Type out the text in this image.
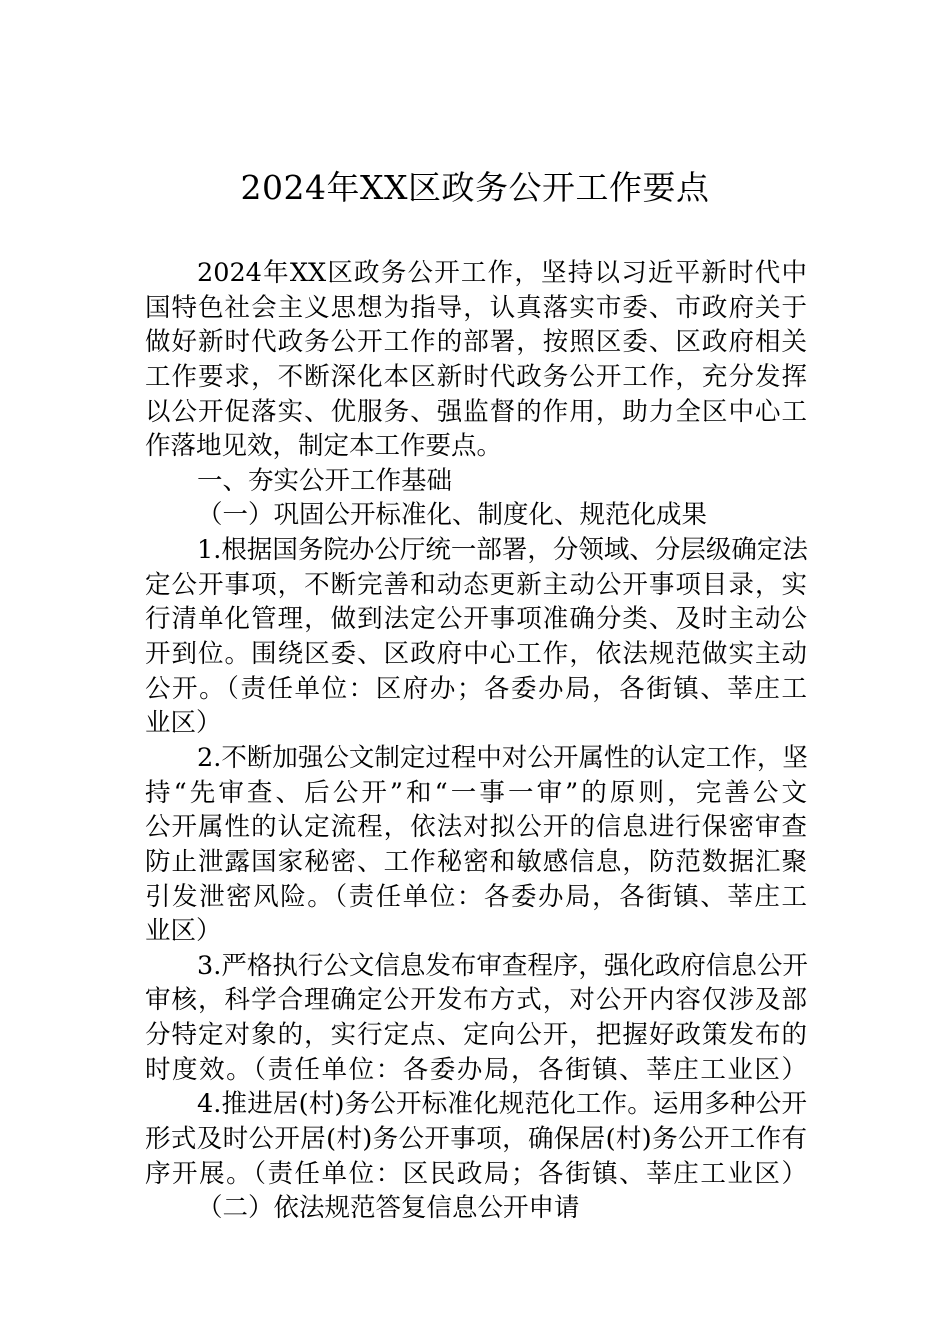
2024年XX区政务公开工作要点
2024年XX区政务公开工作，坚持以习近平新时代中
国特色社会主义思想为指导，认真落实市委、市政府关于
做好新时代政务公开工作的部署，按照区委、区政府相关
工作要求，不断深化本区新时代政务公开工作，充分发挥
以公开促落实、优服务、强监督的作用，助力全区中心工
作落地见效，制定本工作要点。
一、夯实公开工作基础
（一）巩固公开标准化、制度化、规范化成果
1.根据国务院办公厅统一部署，分领域、分层级确定法
定公开事项，不断完善和动态更新主动公开事项目录，实
行清单化管理，做到法定公开事项准确分类、及时主动公
开到位。围绕区委、区政府中心工作，依法规范做实主动
公开。（责任单位：区府办；各委办局，各街镇、莘庄工
业区）
2.不断加强公文制定过程中对公开属性的认定工作，坚
持“先审查、后公开”和“一事一审”的原则，完善公文
公开属性的认定流程，依法对拟公开的信息进行保密审查
防止泄露国家秘密、工作秘密和敏感信息，防范数据汇聚
引发泄密风险。（责任单位：各委办局，各街镇、莘庄工
业区）
3.严格执行公文信息发布审查程序，强化政府信息公开
审核，科学合理确定公开发布方式，对公开内容仅涉及部
分特定对象的，实行定点、定向公开，把握好政策发布的
时度效。（责任单位：各委办局，各街镇、莘庄工业区）
4.推进居(村)务公开标准化规范化工作。运用多种公开
形式及时公开居(村)务公开事项，确保居(村)务公开工作有
序开展。（责任单位：区民政局；各街镇、莘庄工业区）
（二）依法规范答复信息公开申请
